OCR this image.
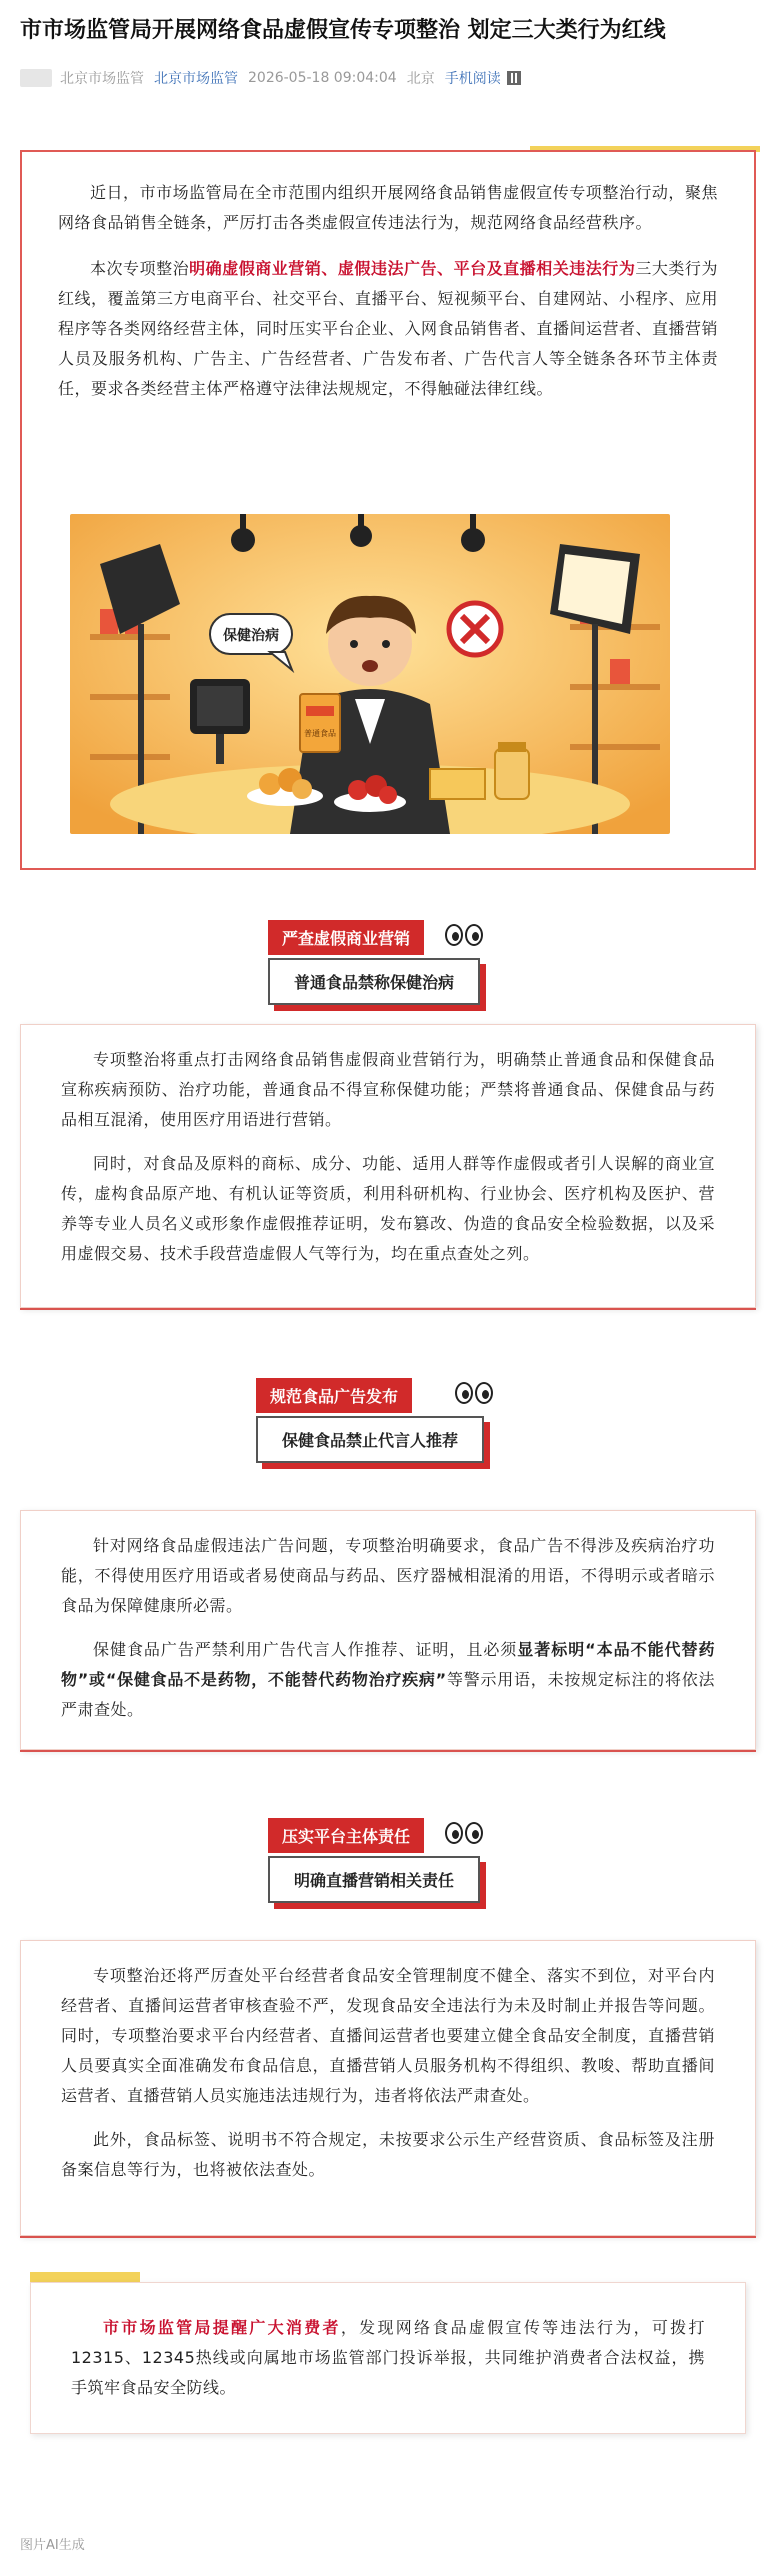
市市场监管局开展网络食品虚假宣传专项整治 划定三大类行为红线
北京市场监管 北京市场监管 2026-05-18 09:04:04 北京 手机阅读

近日，市市场监管局在全市范围内组织开展网络食品销售虚假宣传专项整治行动，聚焦网络食品销售全链条，严厉打击各类虚假宣传违法行为，规范网络食品经营秩序。

本次专项整治明确虚假商业营销、虚假违法广告、平台及直播相关违法行为三大类行为红线，覆盖第三方电商平台、社交平台、直播平台、短视频平台、自建网站、小程序、应用程序等各类网络经营主体，同时压实平台企业、入网食品销售者、直播间运营者、直播营销人员及服务机构、广告主、广告经营者、广告发布者、广告代言人等全链条各环节主体责任，要求各类经营主体严格遵守法律法规规定，不得触碰法律红线。

普通食品
保健治病
严查虚假商业营销
普通食品禁称保健治病

专项整治将重点打击网络食品销售虚假商业营销行为，明确禁止普通食品和保健食品宣称疾病预防、治疗功能，普通食品不得宣称保健功能；严禁将普通食品、保健食品与药品相互混淆，使用医疗用语进行营销。

同时，对食品及原料的商标、成分、功能、适用人群等作虚假或者引人误解的商业宣传，虚构食品原产地、有机认证等资质，利用科研机构、行业协会、医疗机构及医护、营养等专业人员名义或形象作虚假推荐证明，发布篡改、伪造的食品安全检验数据，以及采用虚假交易、技术手段营造虚假人气等行为，均在重点查处之列。

规范食品广告发布
保健食品禁止代言人推荐

针对网络食品虚假违法广告问题，专项整治明确要求，食品广告不得涉及疾病治疗功能，不得使用医疗用语或者易使商品与药品、医疗器械相混淆的用语，不得明示或者暗示食品为保障健康所必需。

保健食品广告严禁利用广告代言人作推荐、证明，且必须显著标明“本品不能代替药物”或“保健食品不是药物，不能替代药物治疗疾病”等警示用语，未按规定标注的将依法严肃查处。

压实平台主体责任
明确直播营销相关责任

专项整治还将严厉查处平台经营者食品安全管理制度不健全、落实不到位，对平台内经营者、直播间运营者审核查验不严，发现食品安全违法行为未及时制止并报告等问题。同时，专项整治要求平台内经营者、直播间运营者也要建立健全食品安全制度，直播营销人员要真实全面准确发布食品信息，直播营销人员服务机构不得组织、教唆、帮助直播间运营者、直播营销人员实施违法违规行为，违者将依法严肃查处。

此外，食品标签、说明书不符合规定，未按要求公示生产经营资质、食品标签及注册备案信息等行为，也将被依法查处。

市市场监管局提醒广大消费者，发现网络食品虚假宣传等违法行为，可拨打12315、12345热线或向属地市场监管部门投诉举报，共同维护消费者合法权益，携手筑牢食品安全防线。

图片AI生成
